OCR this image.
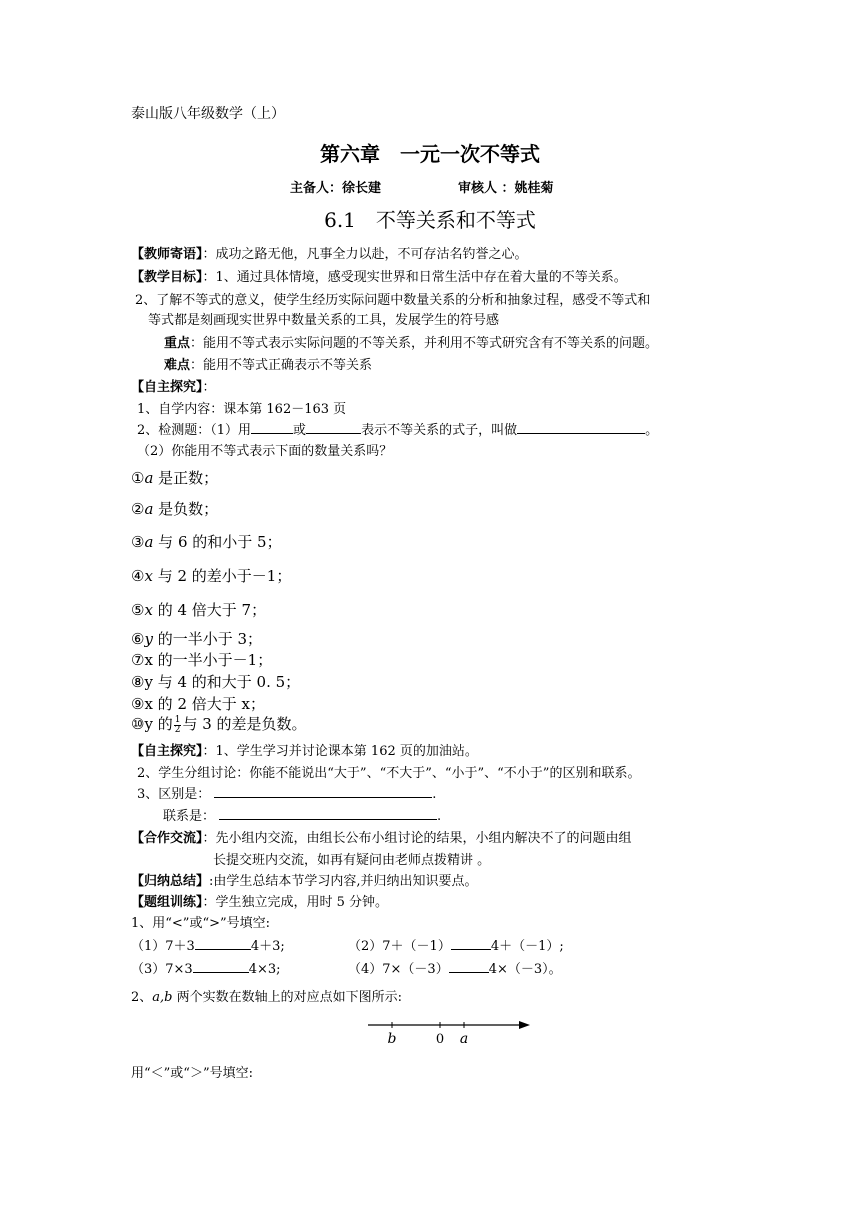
泰山版八年级数学（上）
第六章　一元一次不等式
主备人：徐长建	审核人 ：姚桂菊
6.1　不等关系和不等式
【教师寄语】：成功之路无他，凡事全力以赴，不可存沽名钓誉之心。
【教学目标】：1、通过具体情境，感受现实世界和日常生活中存在着大量的不等关系。
2、了解不等式的意义，使学生经历实际问题中数量关系的分析和抽象过程，感受不等式和
等式都是刻画现实世界中数量关系的工具，发展学生的符号感
重点：能用不等式表示实际问题的不等关系，并利用不等式研究含有不等关系的问题。
难点：能用不等式正确表示不等关系
【自主探究】：
1、自学内容：课本第 162－163 页
2、检测题：（1）用	或	表示不等关系的式子，叫做	。
（2）你能用不等式表示下面的数量关系吗？
①a 是正数；
②a 是负数；
③a 与 6 的和小于 5；
④x 与 2 的差小于－1；
⑤x 的 4 倍大于 7；
⑥y 的一半小于 3；
⑦x 的一半小于－1；
⑧y 与 4 的和大于 0. 5；
⑨x 的 2 倍大于 x；
⑩y 的 $\frac{1}{2}$ 与 3 的差是负数。
【自主探究】：1、学生学习并讨论课本第 162 页的加油站。
2、学生分组讨论：你能不能说出“大于”、“不大于”、“小于”、“不小于”的区别和联系。
3、区别是：	.
联系是：	.
【合作交流】：先小组内交流，由组长公布小组讨论的结果，小组内解决不了的问题由组
长提交班内交流，如再有疑问由老师点拨精讲 。
【归纳总结】:由学生总结本节学习内容,并归纳出知识要点。
【题组训练】：学生独立完成，用时 5 分钟。
1、用“<”或“>”号填空:
（1）7＋3	4＋3;	（2）7＋（－1）	4＋（－1）;
（3）7×3	4×3;	（4）7×（－3）	4×（－3）。
2、a,b 两个实数在数轴上的对应点如下图所示:
b	0 a
用“＜”或“＞”号填空:
